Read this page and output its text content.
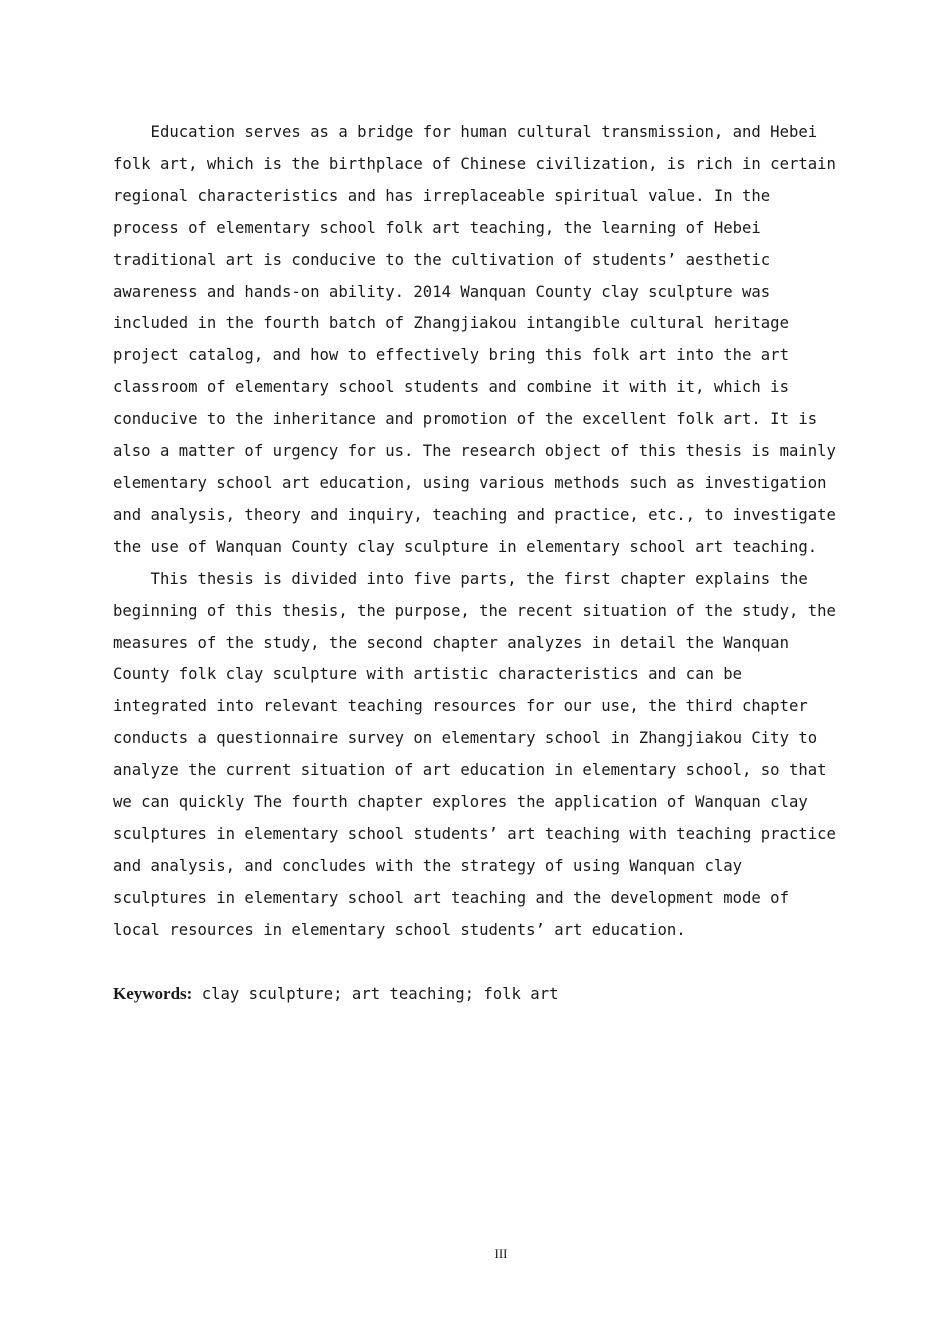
Education serves as a bridge for human cultural transmission, and Hebei
folk art, which is the birthplace of Chinese civilization, is rich in certain
regional characteristics and has irreplaceable spiritual value. In the
process of elementary school folk art teaching, the learning of Hebei
traditional art is conducive to the cultivation of students’ aesthetic
awareness and hands-on ability. 2014 Wanquan County clay sculpture was
included in the fourth batch of Zhangjiakou intangible cultural heritage
project catalog, and how to effectively bring this folk art into the art
classroom of elementary school students and combine it with it, which is
conducive to the inheritance and promotion of the excellent folk art. It is
also a matter of urgency for us. The research object of this thesis is mainly
elementary school art education, using various methods such as investigation
and analysis, theory and inquiry, teaching and practice, etc., to investigate
the use of Wanquan County clay sculpture in elementary school art teaching.

This thesis is divided into five parts, the first chapter explains the
beginning of this thesis, the purpose, the recent situation of the study, the
measures of the study, the second chapter analyzes in detail the Wanquan
County folk clay sculpture with artistic characteristics and can be
integrated into relevant teaching resources for our use, the third chapter
conducts a questionnaire survey on elementary school in Zhangjiakou City to
analyze the current situation of art education in elementary school, so that
we can quickly The fourth chapter explores the application of Wanquan clay
sculptures in elementary school students’ art teaching with teaching practice
and analysis, and concludes with the strategy of using Wanquan clay
sculptures in elementary school art teaching and the development mode of
local resources in elementary school students’ art education.

Keywords: clay sculpture; art teaching; folk art
III
